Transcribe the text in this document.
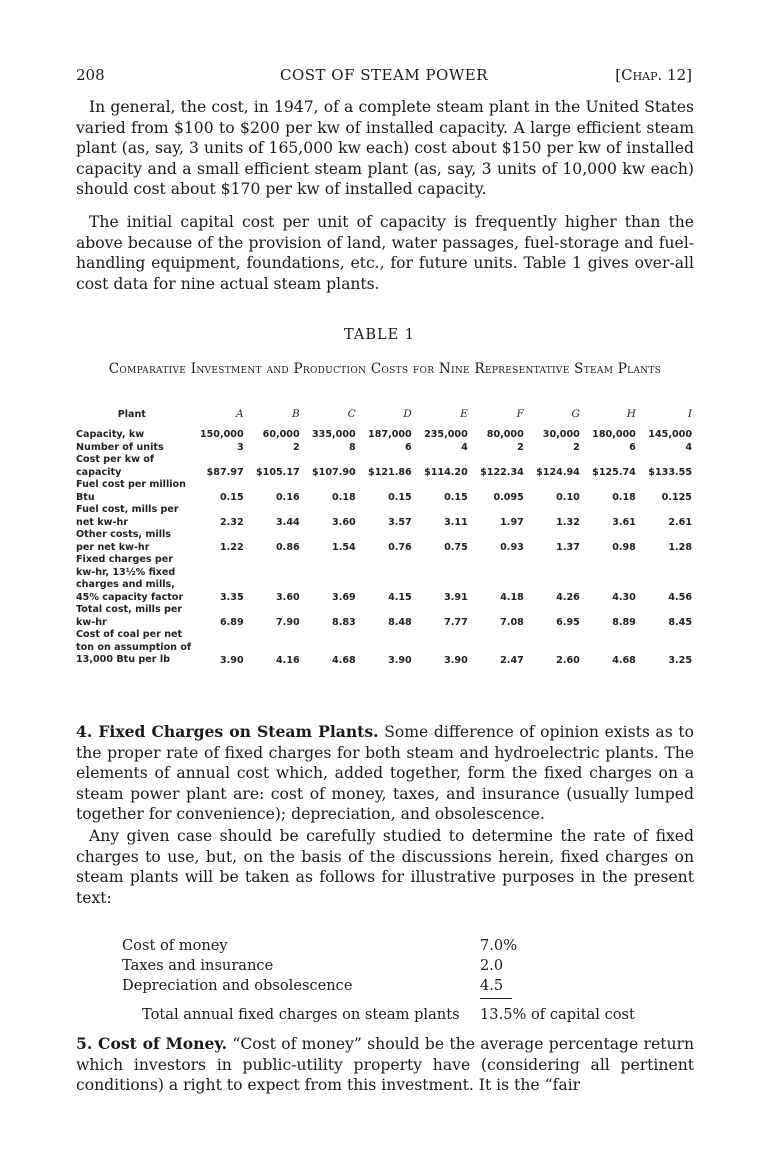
208	COST OF STEAM POWER	[Chap. 12]

In general, the cost, in 1947, of a complete steam plant in the United States varied from $100 to $200 per kw of installed capacity. A large efficient steam plant (as, say, 3 units of 165,000 kw each) cost about $150 per kw of installed capacity and a small efficient steam plant (as, say, 3 units of 10,000 kw each) should cost about $170 per kw of installed capacity.

The initial capital cost per unit of capacity is frequently higher than the above because of the provision of land, water passages, fuel-storage and fuel-handling equipment, foundations, etc., for future units. Table 1 gives over-all cost data for nine actual steam plants.

TABLE 1
Comparative Investment and Production Costs for Nine Representative Steam Plants
Plant	A	B	C	D	E	F	G	H	I
Capacity, kw	150,000	60,000	335,000	187,000	235,000	80,000	30,000	180,000	145,000
Number of units	3	2	8	6	4	2	2	6	4
Cost per kw of capacity	$87.97	$105.17	$107.90	$121.86	$114.20	$122.34	$124.94	$125.74	$133.55
Fuel cost per million Btu	0.15	0.16	0.18	0.15	0.15	0.095	0.10	0.18	0.125
Fuel cost, mills per net kw-hr	2.32	3.44	3.60	3.57	3.11	1.97	1.32	3.61	2.61
Other costs, mills per net kw-hr	1.22	0.86	1.54	0.76	0.75	0.93	1.37	0.98	1.28
Fixed charges per kw-hr, 13½% fixed charges and mills, 45% capacity factor	3.35	3.60	3.69	4.15	3.91	4.18	4.26	4.30	4.56
Total cost, mills per kw-hr	6.89	7.90	8.83	8.48	7.77	7.08	6.95	8.89	8.45
Cost of coal per net ton on assumption of 13,000 Btu per lb	3.90	4.16	4.68	3.90	3.90	2.47	2.60	4.68	3.25

4. Fixed Charges on Steam Plants. Some difference of opinion exists as to the proper rate of fixed charges for both steam and hydroelectric plants. The elements of annual cost which, added together, form the fixed charges on a steam power plant are: cost of money, taxes, and insurance (usually lumped together for convenience); depreciation, and obsolescence.

Any given case should be carefully studied to determine the rate of fixed charges to use, but, on the basis of the discussions herein, fixed charges on steam plants will be taken as follows for illustrative purposes in the present text:

Cost of money	7.0%
Taxes and insurance	2.0
Depreciation and obsolescence	4.5
Total annual fixed charges on steam plants 13.5% of capital cost

5. Cost of Money. “Cost of money” should be the average percentage return which investors in public-utility property have (considering all pertinent conditions) a right to expect from this investment. It is the “fair
